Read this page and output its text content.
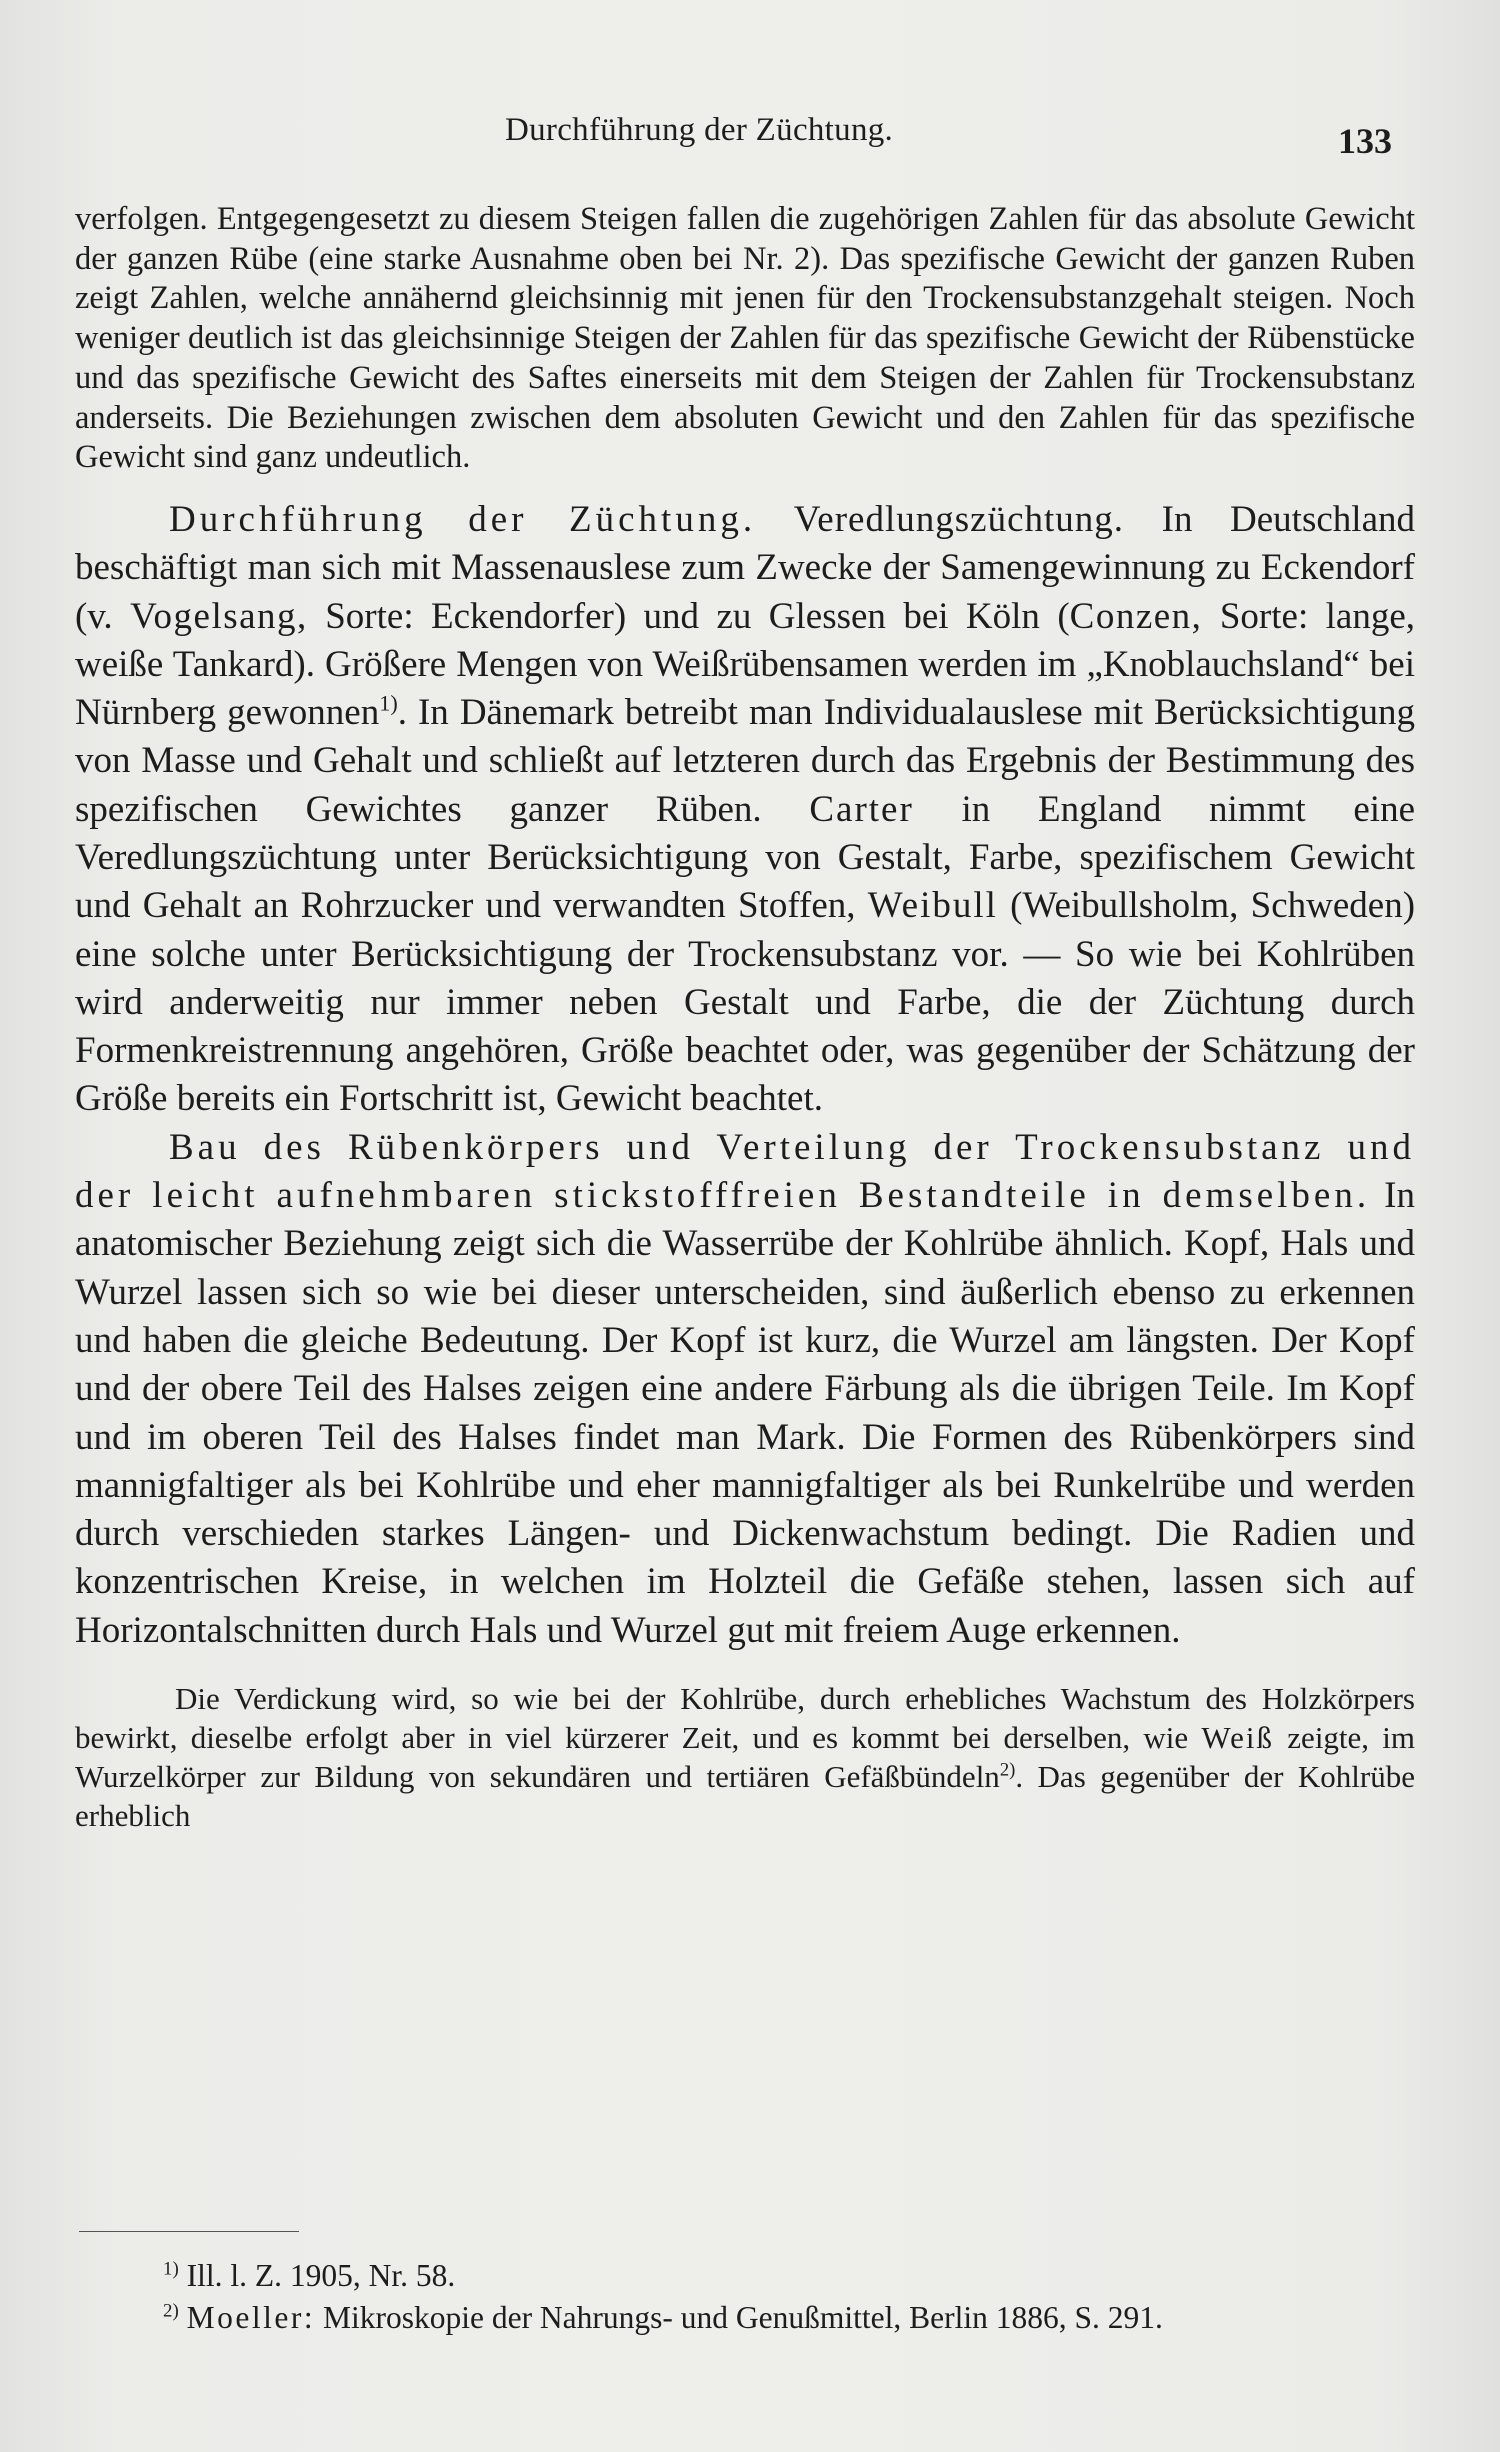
Durchführung der Züchtung.	133

verfolgen. Entgegengesetzt zu diesem Steigen fallen die zugehörigen Zahlen für das absolute Gewicht der ganzen Rübe (eine starke Ausnahme oben bei Nr. 2). Das spezifische Gewicht der ganzen Ruben zeigt Zahlen, welche annähernd gleichsinnig mit jenen für den Trockensubstanzgehalt steigen. Noch weniger deutlich ist das gleichsinnige Steigen der Zahlen für das spezifische Gewicht der Rübenstücke und das spezifische Gewicht des Saftes einerseits mit dem Steigen der Zahlen für Trockensubstanz anderseits. Die Beziehungen zwischen dem absoluten Gewicht und den Zahlen für das spezifische Gewicht sind ganz undeutlich.

Durchführung der Züchtung. Veredlungszüchtung. In Deutschland beschäftigt man sich mit Massenauslese zum Zwecke der Samengewinnung zu Eckendorf (v. Vogelsang, Sorte: Eckendorfer) und zu Glessen bei Köln (Conzen, Sorte: lange, weiße Tankard). Größere Mengen von Weißrübensamen werden im „Knoblauchsland“ bei Nürnberg gewonnen$^{1)}$. In Dänemark betreibt man Individualauslese mit Berücksichtigung von Masse und Gehalt und schließt auf letzteren durch das Ergebnis der Bestimmung des spezifischen Gewichtes ganzer Rüben. Carter in England nimmt eine Veredlungszüchtung unter Berücksichtigung von Gestalt, Farbe, spezifischem Gewicht und Gehalt an Rohrzucker und verwandten Stoffen, Weibull (Weibullsholm, Schweden) eine solche unter Berücksichtigung der Trockensubstanz vor. — So wie bei Kohlrüben wird anderweitig nur immer neben Gestalt und Farbe, die der Züchtung durch Formenkreistrennung angehören, Größe beachtet oder, was gegenüber der Schätzung der Größe bereits ein Fortschritt ist, Gewicht beachtet.

Bau des Rübenkörpers und Verteilung der Trockensubstanz und der leicht aufnehmbaren stickstofffreien Bestandteile in demselben. In anatomischer Beziehung zeigt sich die Wasserrübe der Kohlrübe ähnlich. Kopf, Hals und Wurzel lassen sich so wie bei dieser unterscheiden, sind äußerlich ebenso zu erkennen und haben die gleiche Bedeutung. Der Kopf ist kurz, die Wurzel am längsten. Der Kopf und der obere Teil des Halses zeigen eine andere Färbung als die übrigen Teile. Im Kopf und im oberen Teil des Halses findet man Mark. Die Formen des Rübenkörpers sind mannigfaltiger als bei Kohlrübe und eher mannigfaltiger als bei Runkelrübe und werden durch verschieden starkes Längen- und Dickenwachstum bedingt. Die Radien und konzentrischen Kreise, in welchen im Holzteil die Gefäße stehen, lassen sich auf Horizontalschnitten durch Hals und Wurzel gut mit freiem Auge erkennen.

Die Verdickung wird, so wie bei der Kohlrübe, durch erhebliches Wachstum des Holzkörpers bewirkt, dieselbe erfolgt aber in viel kürzerer Zeit, und es kommt bei derselben, wie Weiß zeigte, im Wurzelkörper zur Bildung von sekundären und tertiären Gefäßbündeln$^{2)}$. Das gegenüber der Kohlrübe erheblich
$^{1)}$ Ill. l. Z. 1905, Nr. 58.
$^{2)}$ Moeller: Mikroskopie der Nahrungs- und Genußmittel, Berlin 1886, S. 291.
